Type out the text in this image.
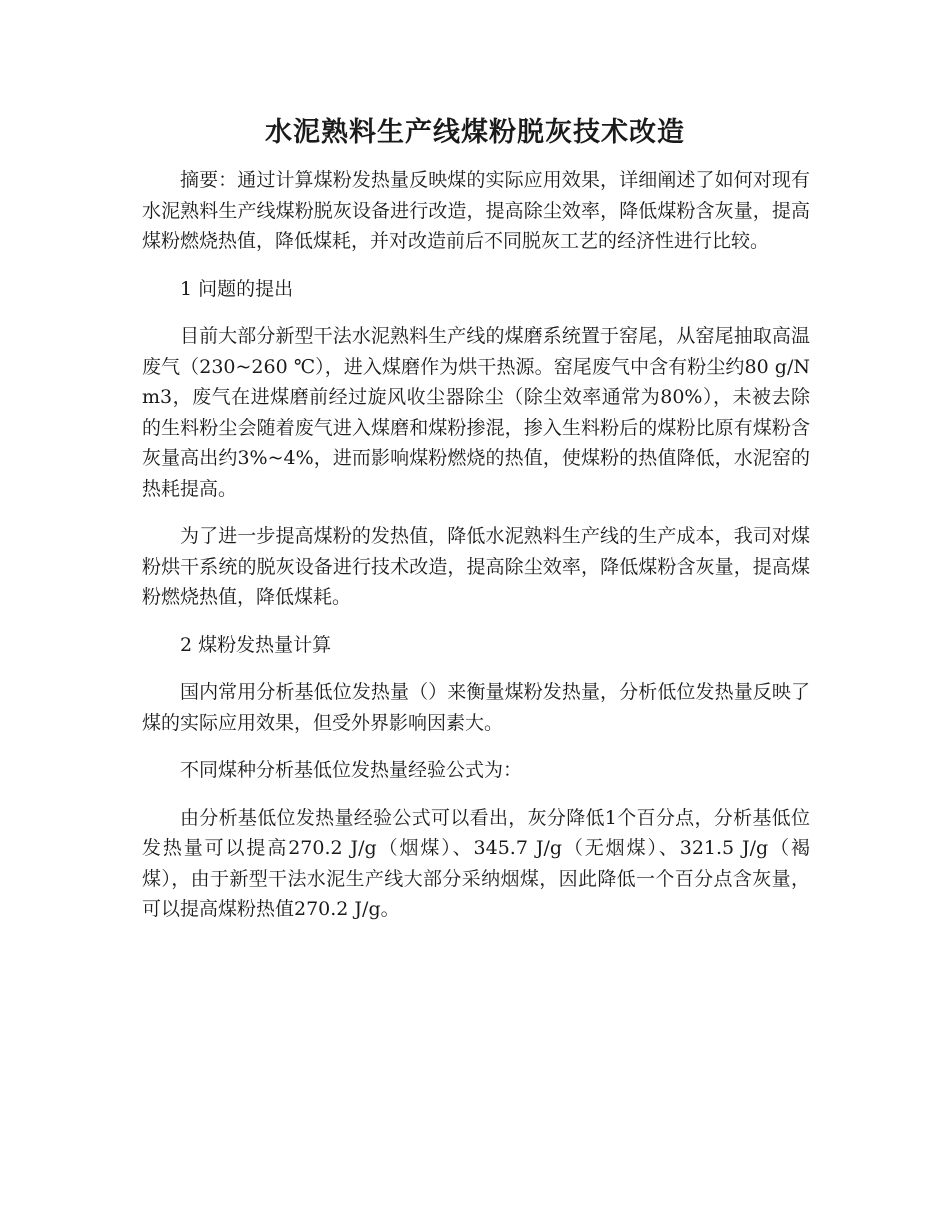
水泥熟料生产线煤粉脱灰技术改造

摘要：通过计算煤粉发热量反映煤的实际应用效果，详细阐述了如何对现有水泥熟料生产线煤粉脱灰设备进行改造，提高除尘效率，降低煤粉含灰量，提高煤粉燃烧热值，降低煤耗，并对改造前后不同脱灰工艺的经济性进行比较。

1 问题的提出

目前大部分新型干法水泥熟料生产线的煤磨系统置于窑尾，从窑尾抽取高温废气（230~260 ℃），进入煤磨作为烘干热源。窑尾废气中含有粉尘约80 g/Nm3，废气在进煤磨前经过旋风收尘器除尘（除尘效率通常为80%），未被去除的生料粉尘会随着废气进入煤磨和煤粉掺混，掺入生料粉后的煤粉比原有煤粉含灰量高出约3%~4%，进而影响煤粉燃烧的热值，使煤粉的热值降低，水泥窑的热耗提高。

为了进一步提高煤粉的发热值，降低水泥熟料生产线的生产成本，我司对煤粉烘干系统的脱灰设备进行技术改造，提高除尘效率，降低煤粉含灰量，提高煤粉燃烧热值，降低煤耗。

2 煤粉发热量计算

国内常用分析基低位发热量（）来衡量煤粉发热量，分析低位发热量反映了煤的实际应用效果，但受外界影响因素大。

不同煤种分析基低位发热量经验公式为：

由分析基低位发热量经验公式可以看出，灰分降低1个百分点，分析基低位发热量可以提高270.2 J/g（烟煤）、345.7 J/g（无烟煤）、321.5 J/g（褐煤），由于新型干法水泥生产线大部分采纳烟煤，因此降低一个百分点含灰量，可以提高煤粉热值270.2 J/g。
